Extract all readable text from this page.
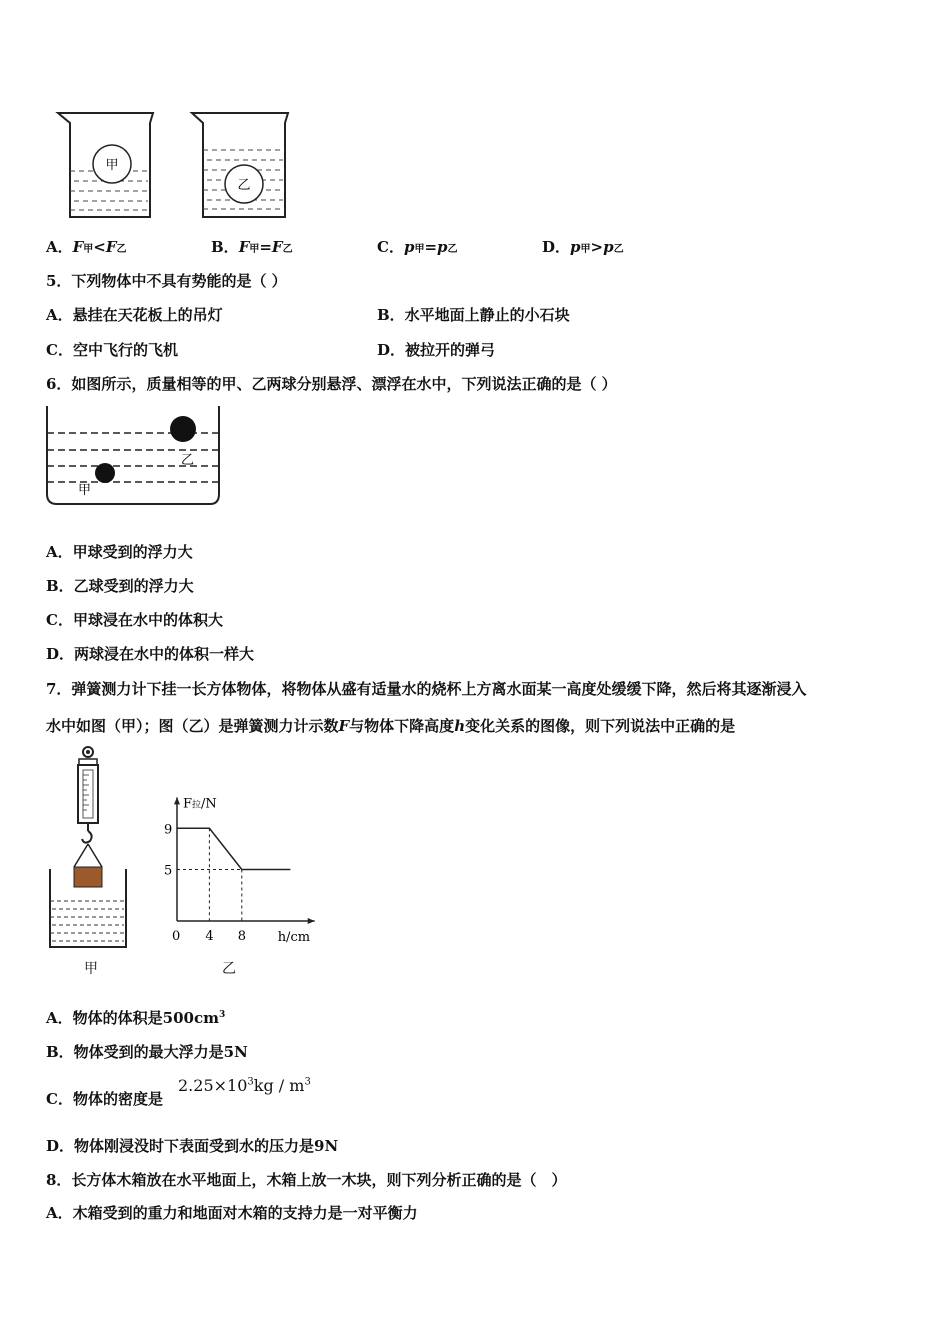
甲
乙
A．F甲<F乙	B．F甲=F乙	C．p甲=p乙	D．p甲>p乙
5．下列物体中不具有势能的是（ ）
A．悬挂在天花板上的吊灯	B．水平地面上静止的小石块
C．空中飞行的飞机	D．被拉开的弹弓
6．如图所示，质量相等的甲、乙两球分别悬浮、漂浮在水中，下列说法正确的是（ ）
乙
甲
A．甲球受到的浮力大
B．乙球受到的浮力大
C．甲球浸在水中的体积大
D．两球浸在水中的体积一样大
7．弹簧测力计下挂一长方体物体，将物体从盛有适量水的烧杯上方离水面某一高度处缓缓下降，然后将其逐渐浸入
水中如图（甲）；图（乙）是弹簧测力计示数F与物体下降高度h变化关系的图像，则下列说法中正确的是
甲
F拉/N
h/cm
0 4 8
9
5
乙
A．物体的体积是$500cm^3$
B．物体受到的最大浮力是5N
C．物体的密度是
$2.25\times 10^3kg / m^3$
D．物体刚浸没时下表面受到水的压力是9N
8．长方体木箱放在水平地面上，木箱上放一木块，则下列分析正确的是（　）
A．木箱受到的重力和地面对木箱的支持力是一对平衡力
